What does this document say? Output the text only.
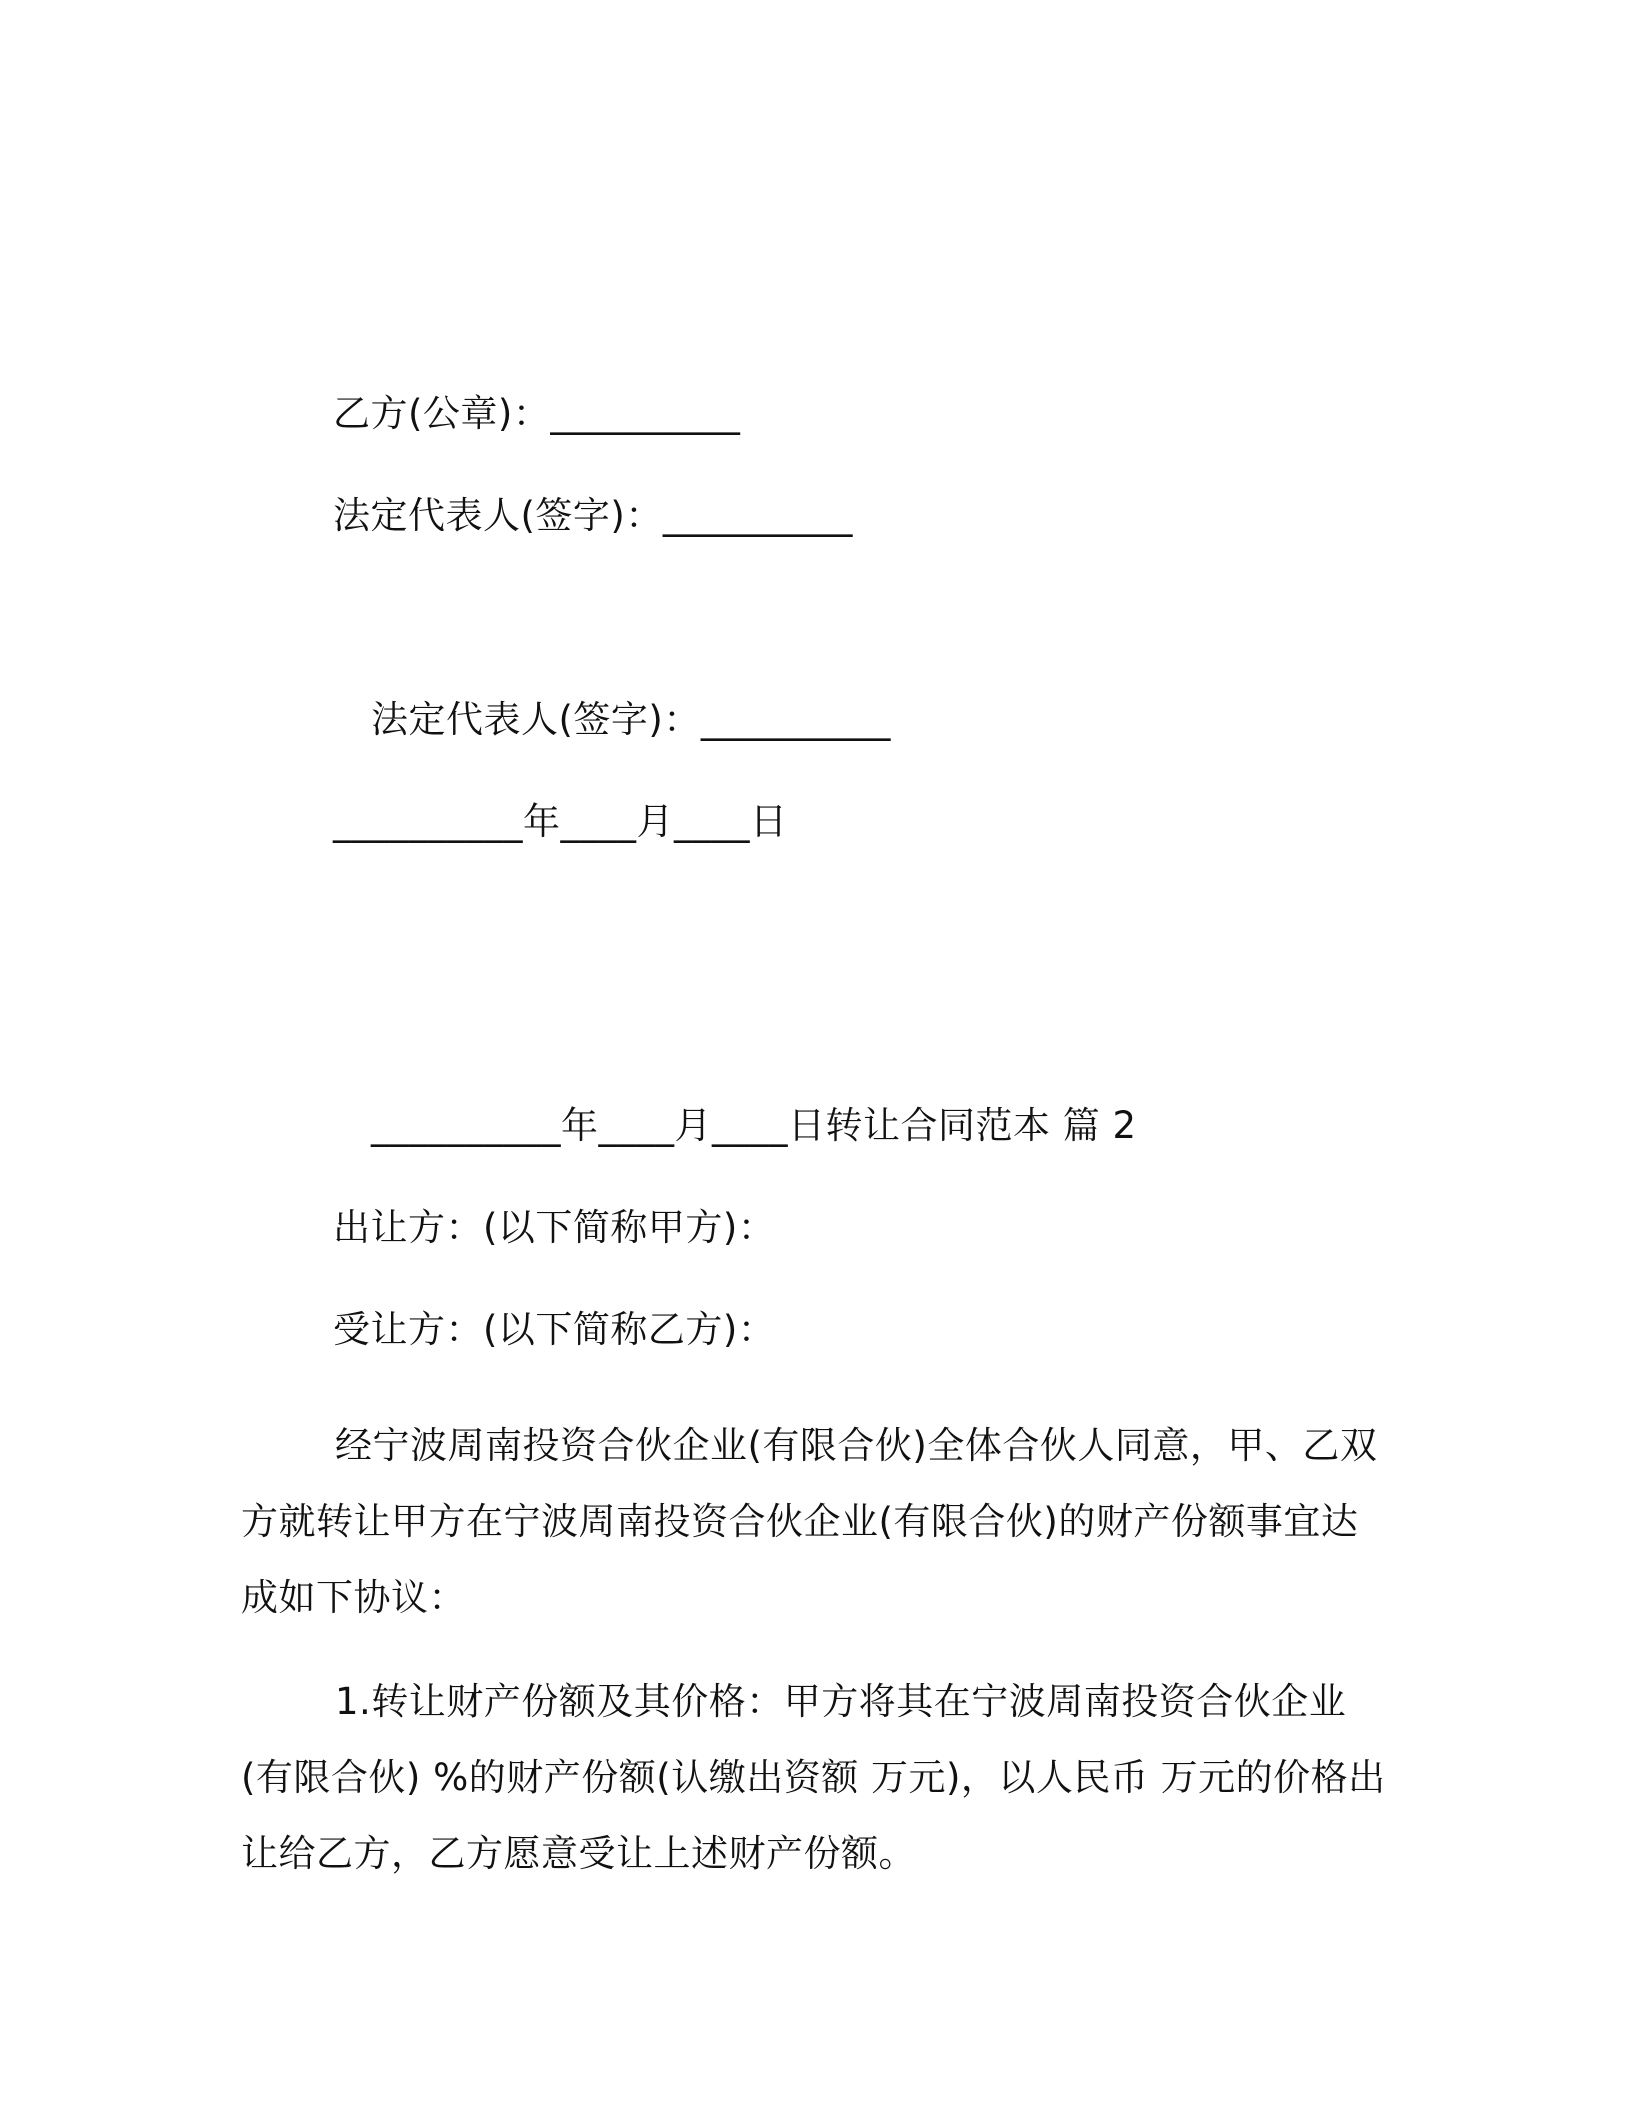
乙方(公章)：__________
法定代表人(签字)：__________
法定代表人(签字)：__________
__________年____月____日
__________年____月____日转让合同范本 篇 2
出让方：(以下简称甲方)：
受让方：(以下简称乙方)：
经宁波周南投资合伙企业(有限合伙)全体合伙人同意，甲、乙双方就转让甲方在宁波周南投资合伙企业(有限合伙)的财产份额事宜达成如下协议：
1.转让财产份额及其价格：甲方将其在宁波周南投资合伙企业(有限合伙) %的财产份额(认缴出资额 万元)，以人民币 万元的价格出让给乙方，乙方愿意受让上述财产份额。
